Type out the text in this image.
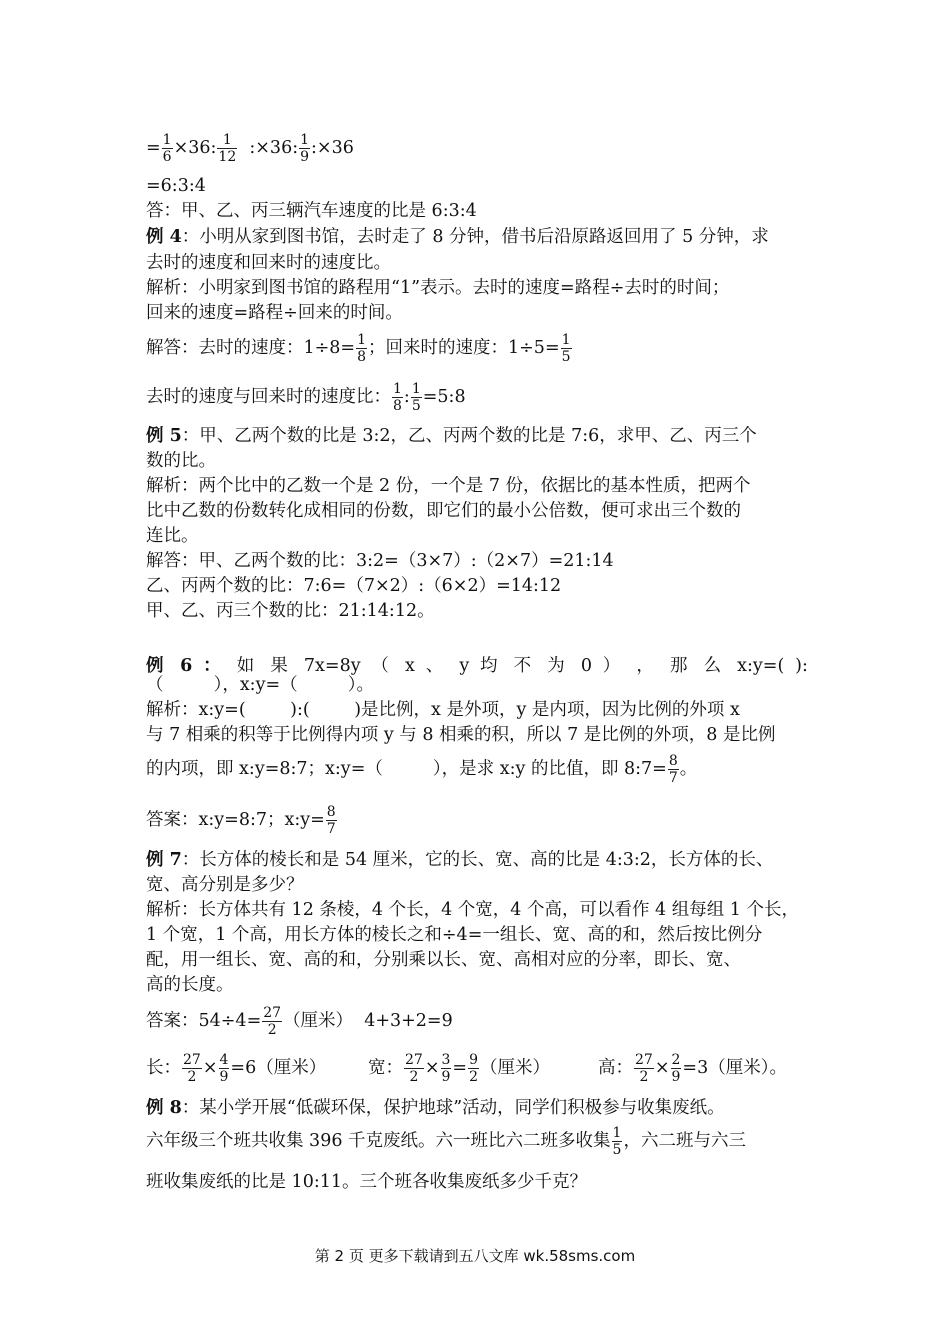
= $\frac{1}{6} \times 36$: $\frac{1}{12}$ :×36: $\frac{1}{9}$ :×36
=6:3:4
答：甲、乙、丙三辆汽车速度的比是 6:3:4
例 4：小明从家到图书馆，去时走了 8 分钟，借书后沿原路返回用了 5 分钟，求
去时的速度和回来时的速度比。
解析：小明家到图书馆的路程用“1”表示。去时的速度=路程÷去时的时间；
回来的速度=路程÷回来的时间。
解答：去时的速度：$1\div 8= \frac{1}{8}$ ；回来时的速度：$1\div 5= \frac{1}{5}$
去时的速度与回来时的速度比： $\frac{1}{8}$ : $\frac{1}{5}$ =5:8
例 5：甲、乙两个数的比是 3:2，乙、丙两个数的比是 7:6，求甲、乙、丙三个
数的比。
解析：两个比中的乙数一个是 2 份，一个是 7 份，依据比的基本性质，把两个
比中乙数的份数转化成相同的份数，即它们的最小公倍数，便可求出三个数的
连比。
解答：甲、乙两个数的比：3:2=（3×7）:（2×7）=21:14
乙、丙两个数的比：7:6=（7×2）:（6×2）=14:12
甲、乙、丙三个数的比：21:14:12。
例 6 ： 如 果 7x=8y （ x 、 y 均 不 为 0 ） ， 那 么 x:y=( ):
（         ），x:y=（         ）。
解析：x:y=(        ):(        )是比例，x 是外项，y 是内项，因为比例的外项 x
与 7 相乘的积等于比例得内项 y 与 8 相乘的积，所以 7 是比例的外项，8 是比例
的内项，即 x:y=8:7；x:y=（         ），是求 x:y 的比值，即 8:7= $\frac{8}{7}$ 。
答案：x:y=8:7；x:y= $\frac{8}{7}$
例 7：长方体的棱长和是 54 厘米，它的长、宽、高的比是 4:3:2，长方体的长、
宽、高分别是多少？
解析：长方体共有 12 条棱，4 个长，4 个宽，4 个高，可以看作 4 组每组 1 个长，
1 个宽，1 个高，用长方体的棱长之和÷4=一组长、宽、高的和，然后按比例分
配，用一组长、宽、高的和，分别乘以长、宽、高相对应的分率，即长、宽、
高的长度。
答案：$54\div 4= \frac{27}{2}$ （厘米）  4+3+2=9
长： $\frac{27}{2} \times \frac{4}{9} =6$（厘米） 宽： $\frac{27}{2} \times \frac{3}{9} = \frac{9}{2}$ （厘米）	高： $\frac{27}{2} \times \frac{2}{9} =3$（厘米）。
例 8：某小学开展“低碳环保，保护地球”活动，同学们积极参与收集废纸。
六年级三个班共收集 396 千克废纸。六一班比六二班多收集 $\frac{1}{5}$ ，六二班与六三
班收集废纸的比是 10:11。三个班各收集废纸多少千克？
第 2 页 更多下载请到五八文库 wk.58sms.com
